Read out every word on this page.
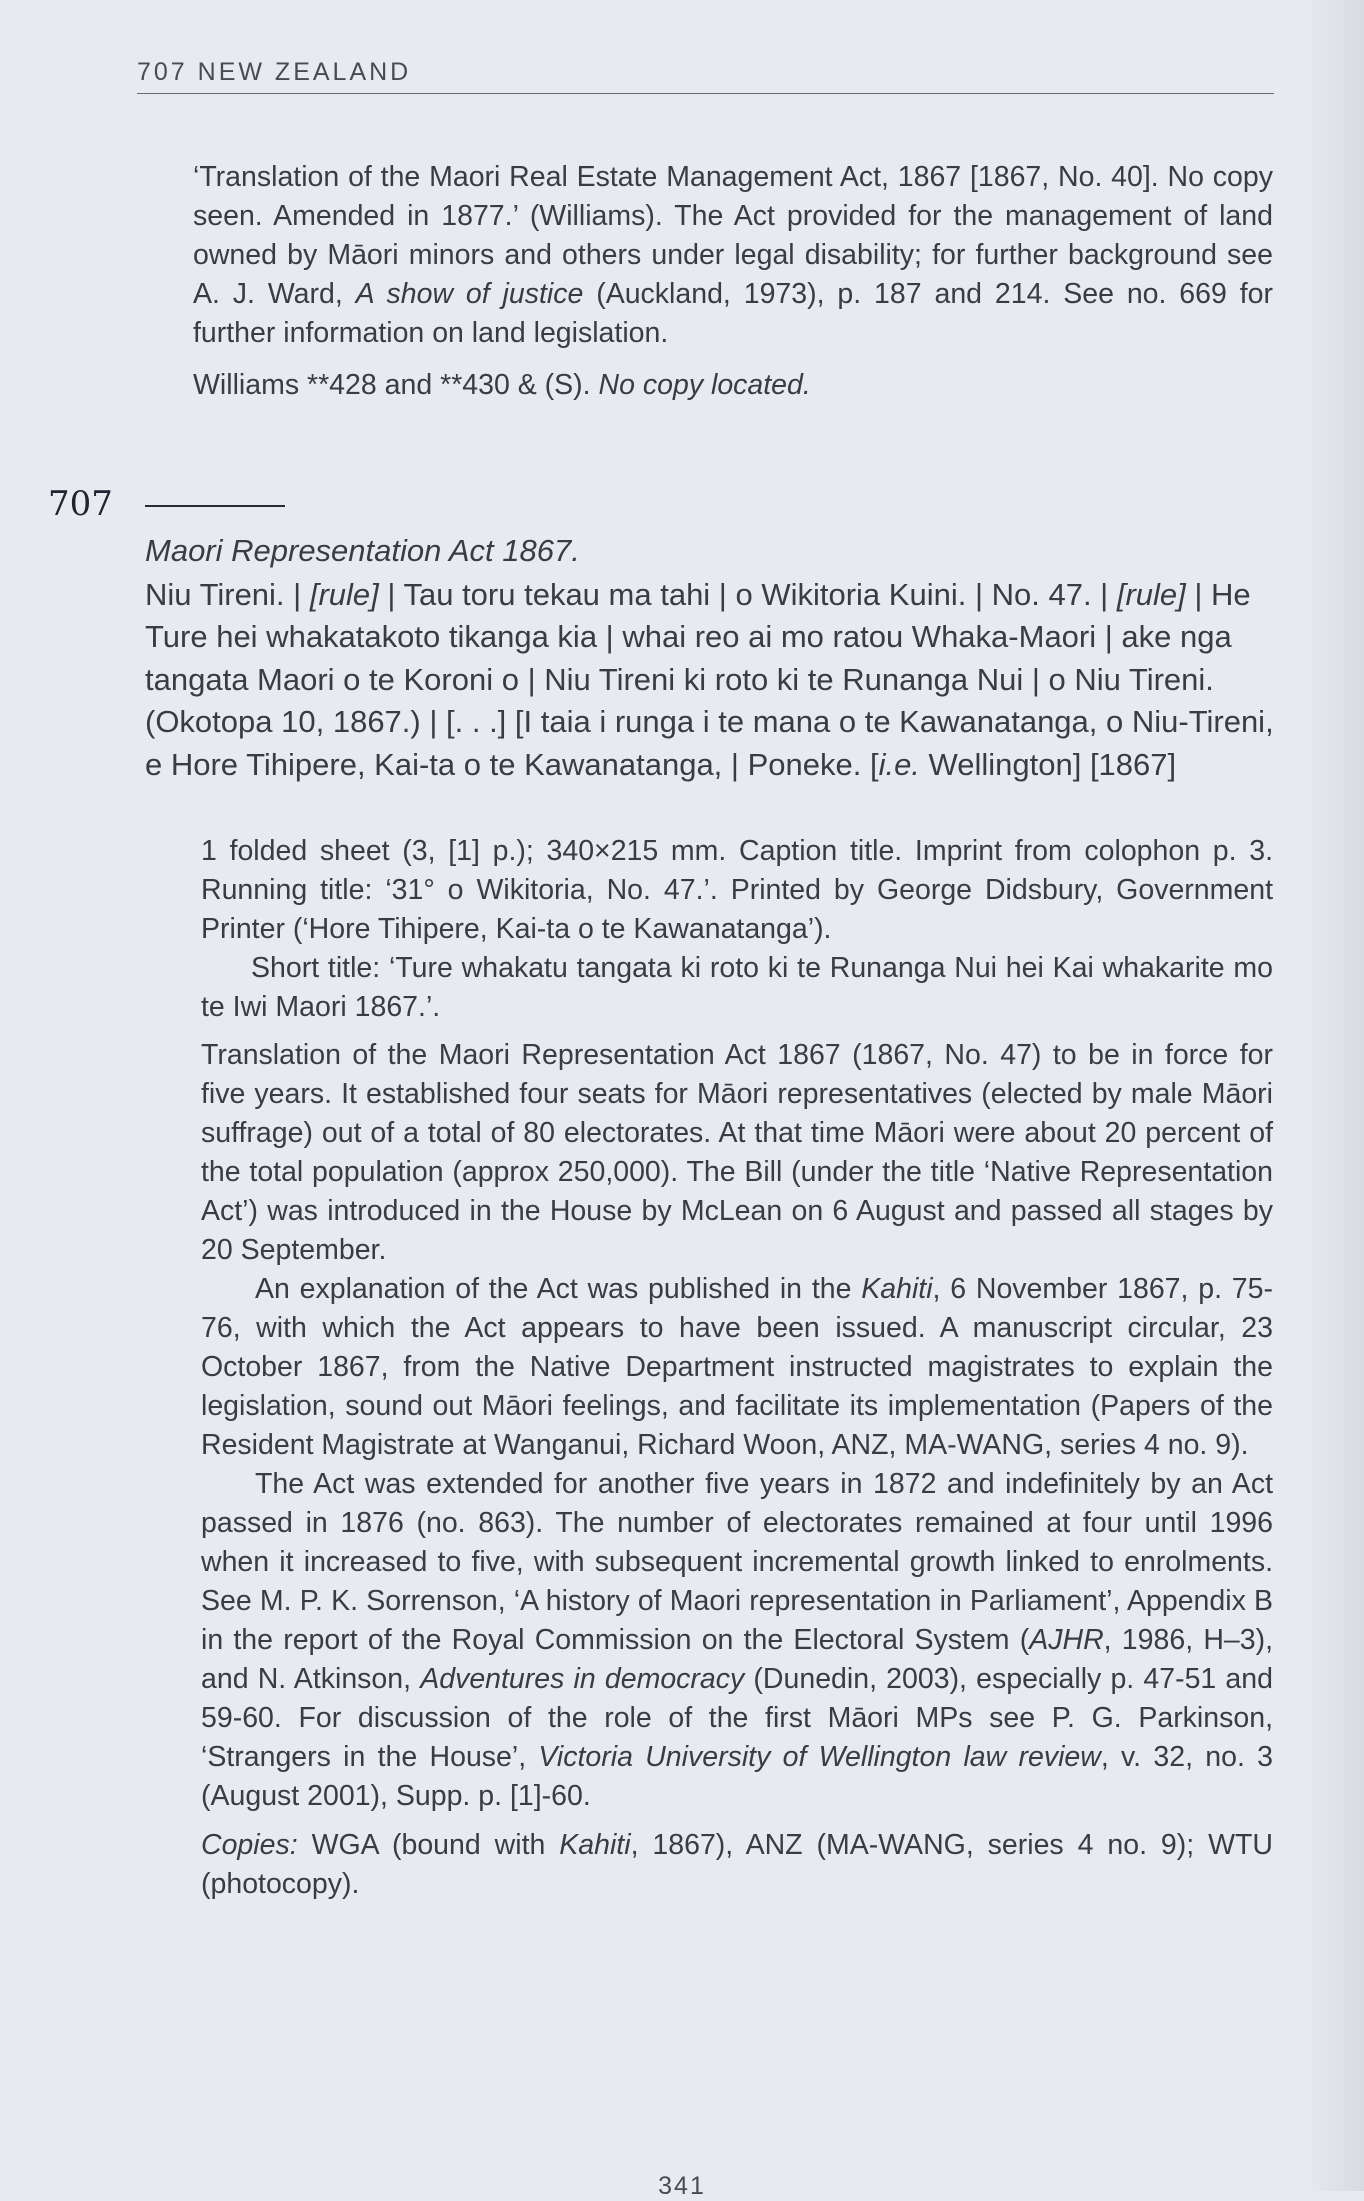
707 NEW ZEALAND

‘Translation of the Maori Real Estate Management Act, 1867 [1867, No. 40]. No copy seen. Amended in 1877.’ (Williams). The Act provided for the management of land owned by Māori minors and others under legal disability; for further background see A. J. Ward, A show of justice (Auckland, 1973), p. 187 and 214. See no. 669 for further information on land legislation.

Williams **428 and **430 & (S). No copy located.

707

Maori Representation Act 1867.

Niu Tireni. | [rule] | Tau toru tekau ma tahi | o Wikitoria Kuini. | No. 47. | [rule] | He Ture hei whakatakoto tikanga kia | whai reo ai mo ratou Whaka-Maori | ake nga tangata Maori o te Koroni o | Niu Tireni ki roto ki te Runanga Nui | o Niu Tireni. (Okotopa 10, 1867.) | [. . .] [I taia i runga i te mana o te Kawanatanga, o Niu-Tireni, e Hore Tihipere, Kai-ta o te Kawanatanga, | Poneke. [i.e. Wellington] [1867]

1 folded sheet (3, [1] p.); 340×215 mm. Caption title. Imprint from colophon p. 3. Running title: ‘31° o Wikitoria, No. 47.’. Printed by George Didsbury, Government Printer (‘Hore Tihipere, Kai-ta o te Kawanatanga’).

Short title: ‘Ture whakatu tangata ki roto ki te Runanga Nui hei Kai whakarite mo te Iwi Maori 1867.’.

Translation of the Maori Representation Act 1867 (1867, No. 47) to be in force for five years. It established four seats for Māori representatives (elected by male Māori suffrage) out of a total of 80 electorates. At that time Māori were about 20 percent of the total population (approx 250,000). The Bill (under the title ‘Native Representation Act’) was introduced in the House by McLean on 6 August and passed all stages by 20 September.

An explanation of the Act was published in the Kahiti, 6 November 1867, p. 75-76, with which the Act appears to have been issued. A manuscript circular, 23 October 1867, from the Native Department instructed magistrates to explain the legislation, sound out Māori feelings, and facilitate its implementation (Papers of the Resident Magistrate at Wanganui, Richard Woon, ANZ, MA-WANG, series 4 no. 9).

The Act was extended for another five years in 1872 and indefinitely by an Act passed in 1876 (no. 863). The number of electorates remained at four until 1996 when it increased to five, with subsequent incremental growth linked to enrolments. See M. P. K. Sorrenson, ‘A history of Maori representation in Parliament’, Appendix B in the report of the Royal Commission on the Electoral System (AJHR, 1986, H–3), and N. Atkinson, Adventures in democracy (Dunedin, 2003), especially p. 47-51 and 59-60. For discussion of the role of the first Māori MPs see P. G. Parkinson, ‘Strangers in the House’, Victoria University of Wellington law review, v. 32, no. 3 (August 2001), Supp. p. [1]-60.

Copies: WGA (bound with Kahiti, 1867), ANZ (MA-WANG, series 4 no. 9); WTU (photocopy).

341
